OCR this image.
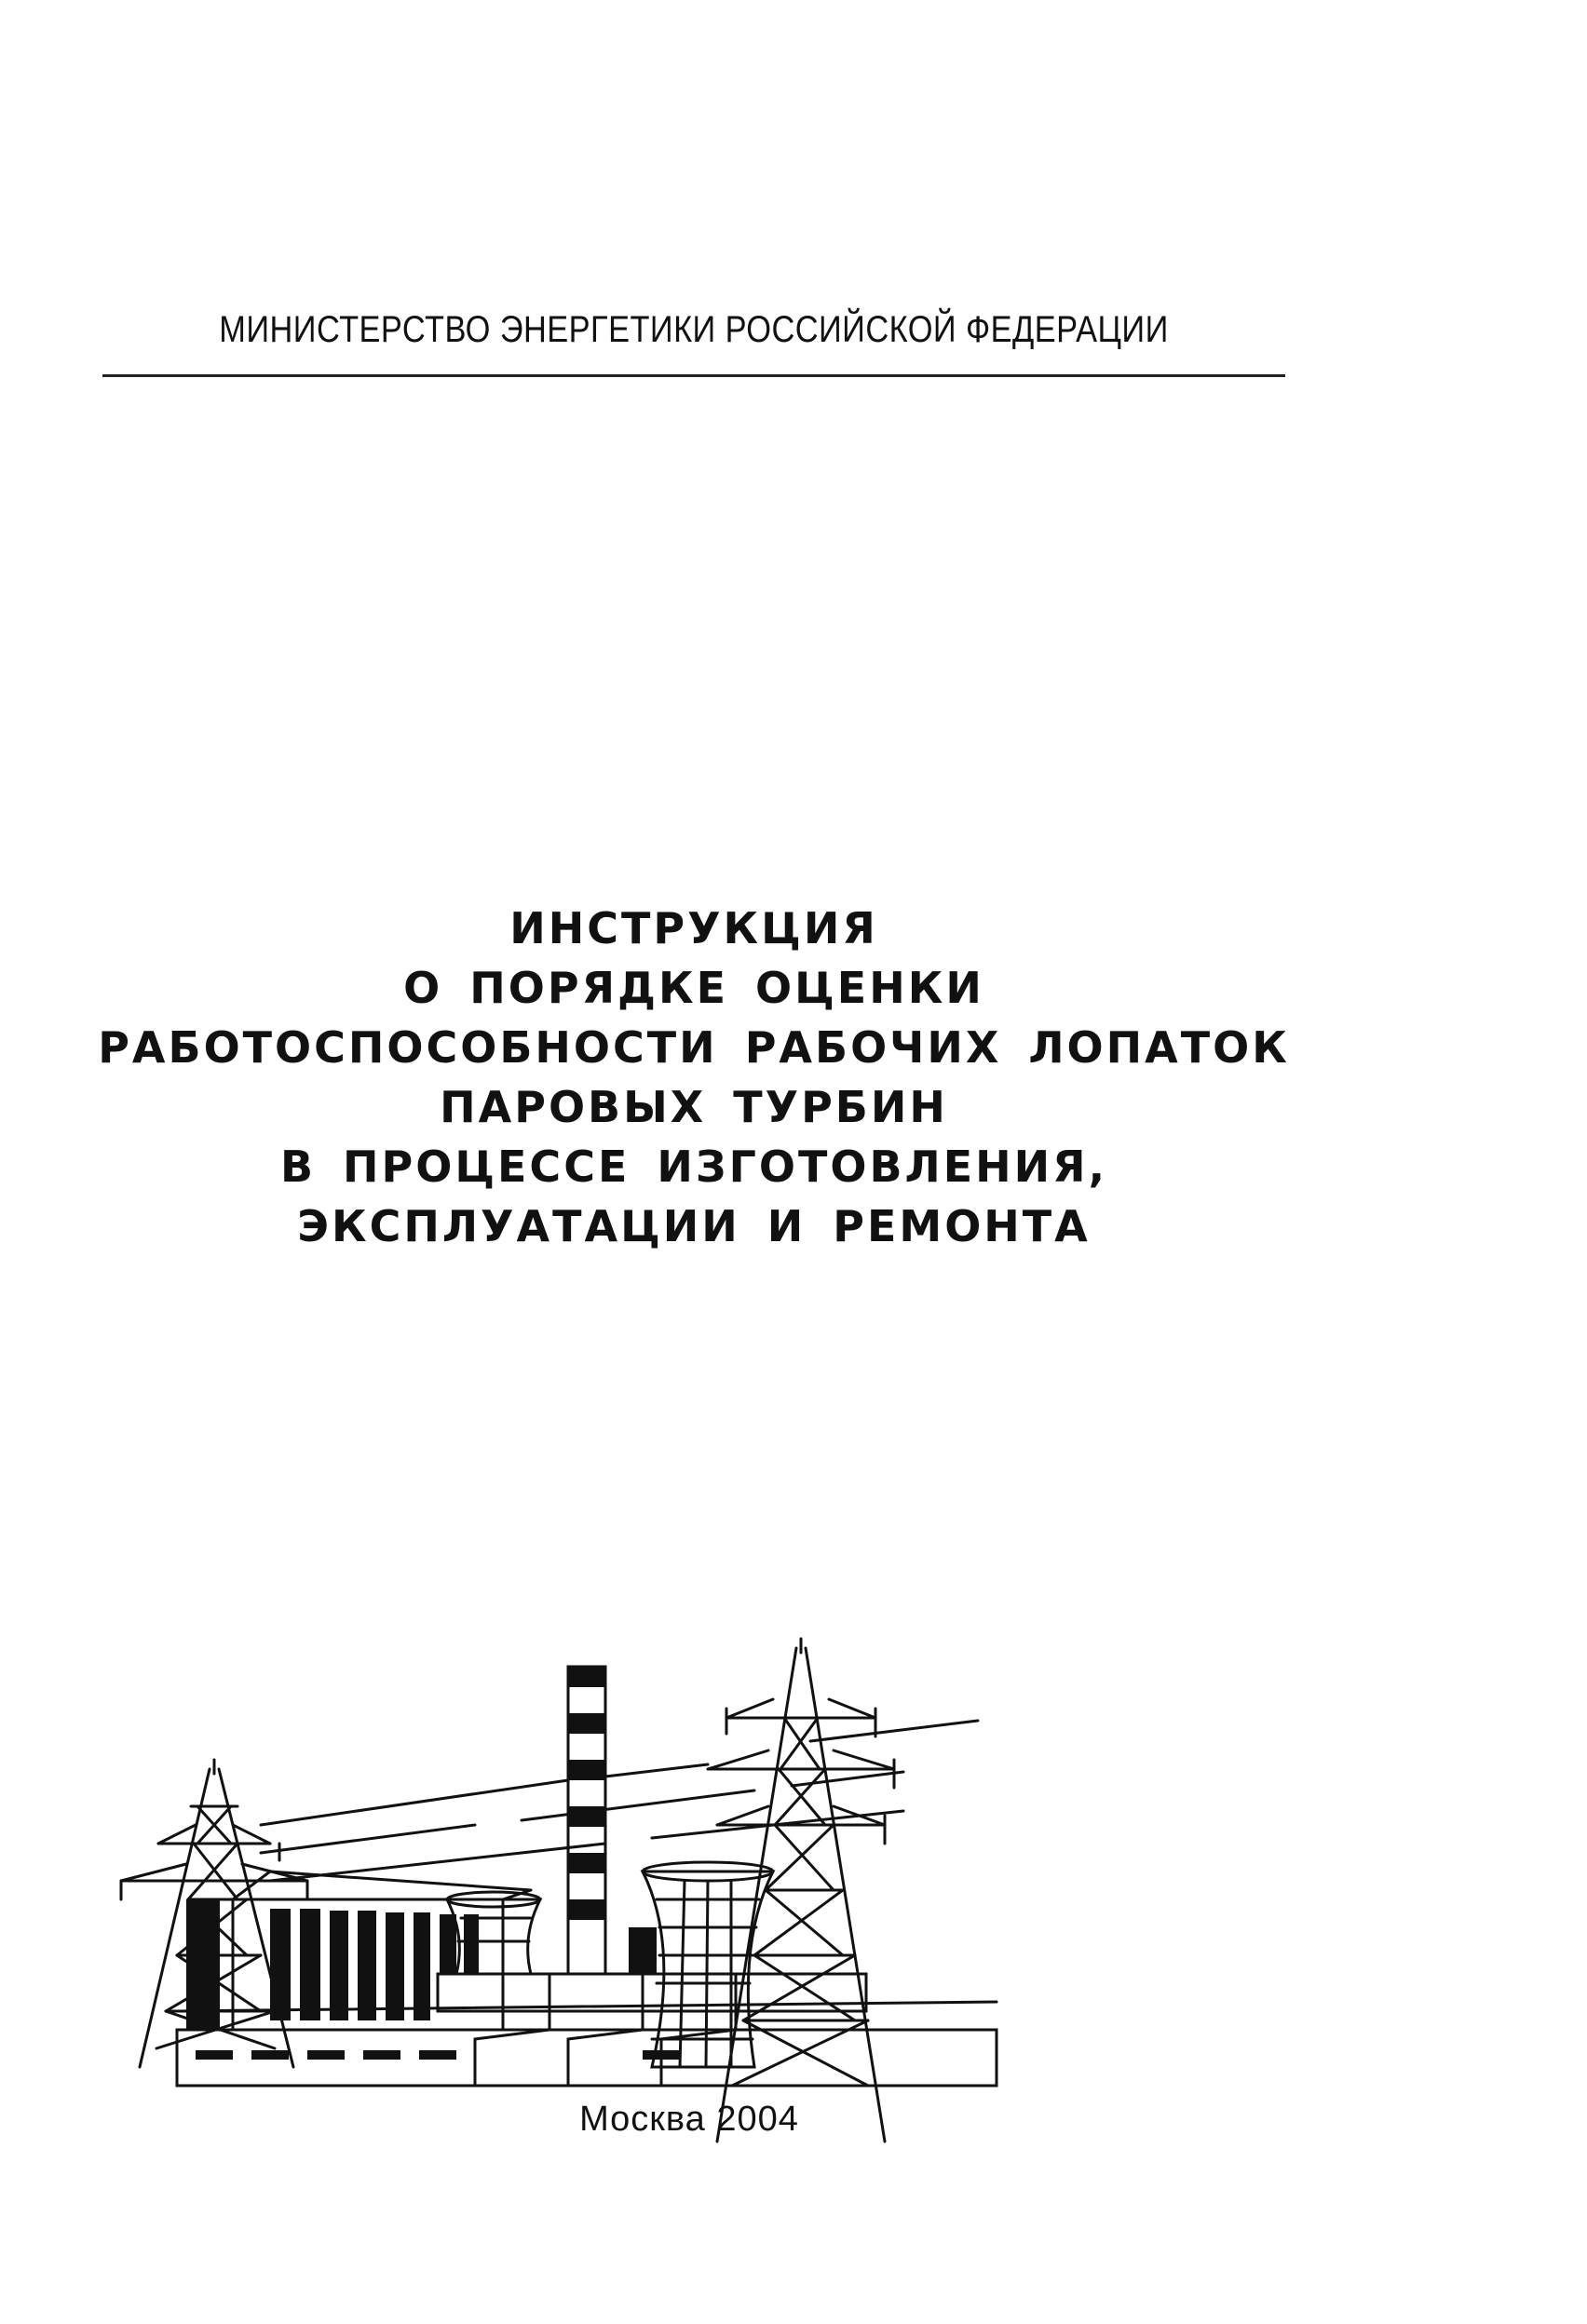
МИНИСТЕРСТВО ЭНЕРГЕТИКИ РОССИЙСКОЙ ФЕДЕРАЦИИ
ИНСТРУКЦИЯ
О ПОРЯДКЕ ОЦЕНКИ
РАБОТОСПОСОБНОСТИ РАБОЧИХ ЛОПАТОК
ПАРОВЫХ ТУРБИН
В ПРОЦЕССЕ ИЗГОТОВЛЕНИЯ,
ЭКСПЛУАТАЦИИ И РЕМОНТА
Москва 2004
